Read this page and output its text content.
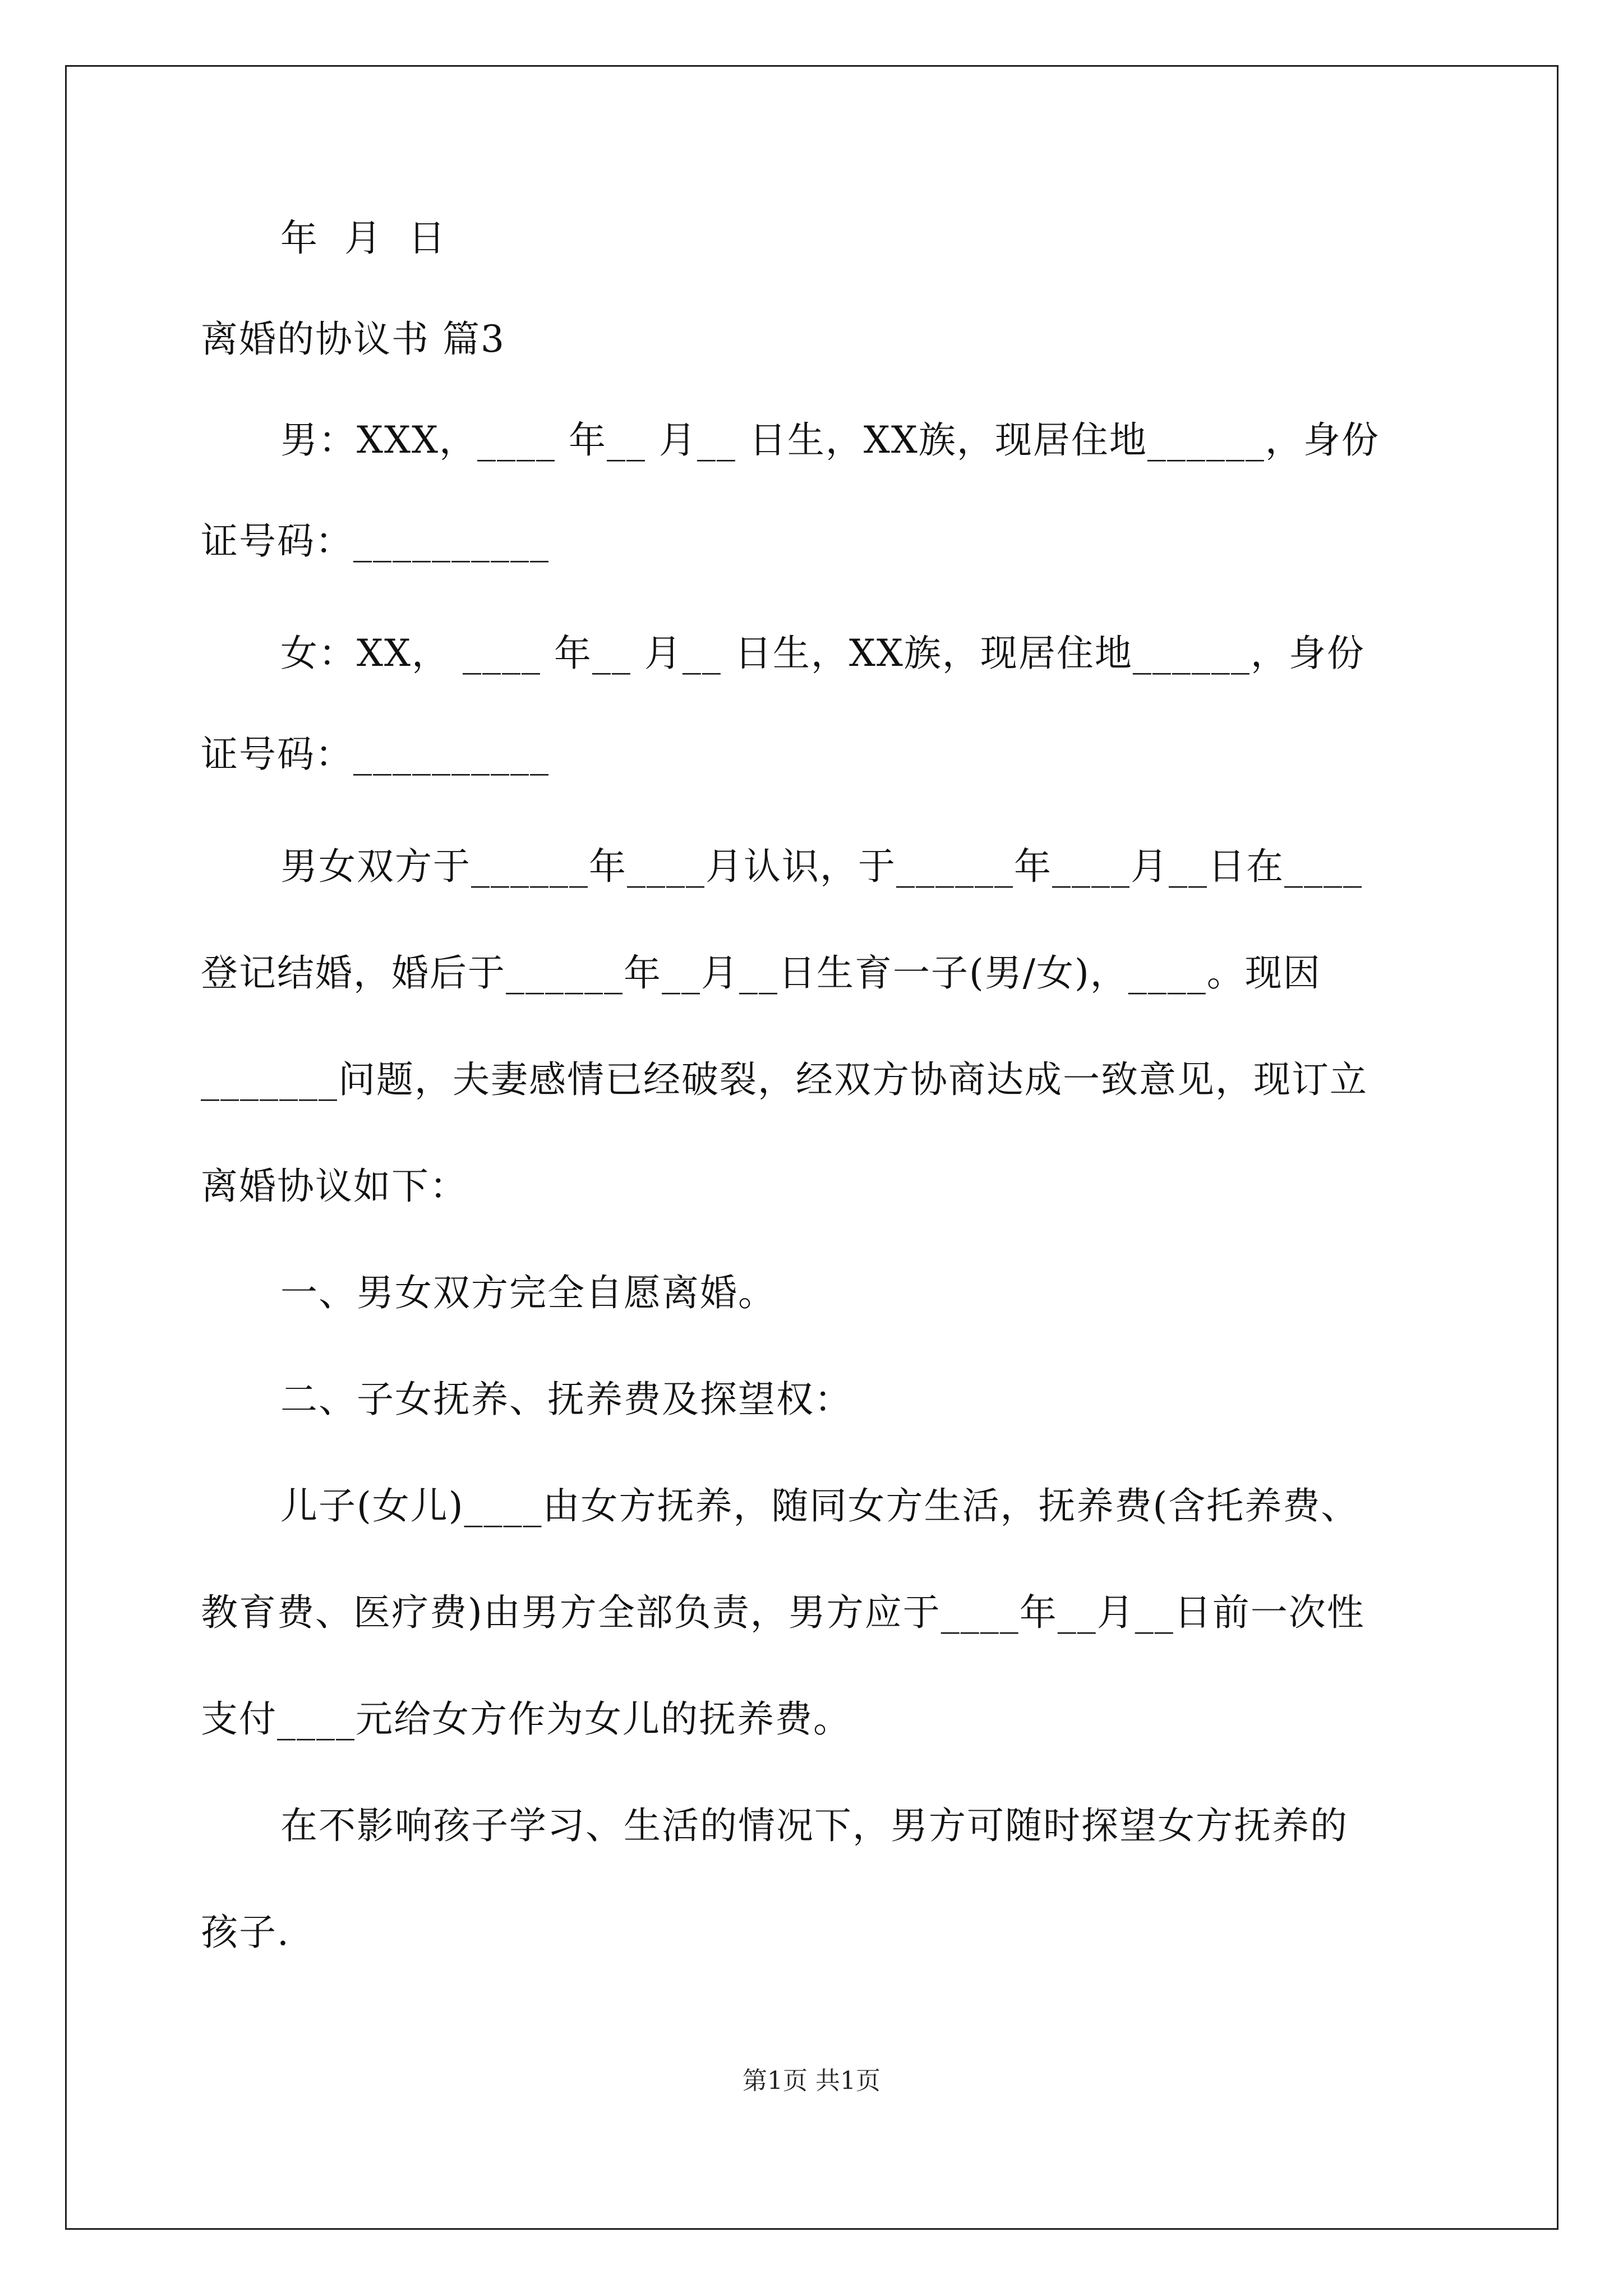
年  月  日
离婚的协议书 篇3
男：XXX，____ 年__ 月__ 日生，XX族，现居住地______，身份
证号码：__________
女：XX， ____ 年__ 月__ 日生，XX族，现居住地______，身份
证号码：__________
男女双方于______年____月认识，于______年____月__日在____
登记结婚，婚后于______年__月__日生育一子(男/女)，____。现因
_______问题，夫妻感情已经破裂，经双方协商达成一致意见，现订立
离婚协议如下：
一、男女双方完全自愿离婚。
二、子女抚养、抚养费及探望权：
儿子(女儿)____由女方抚养，随同女方生活，抚养费(含托养费、
教育费、医疗费)由男方全部负责，男方应于____年__月__日前一次性
支付____元给女方作为女儿的抚养费。
在不影响孩子学习、生活的情况下，男方可随时探望女方抚养的
孩子.
第1页 共1页
